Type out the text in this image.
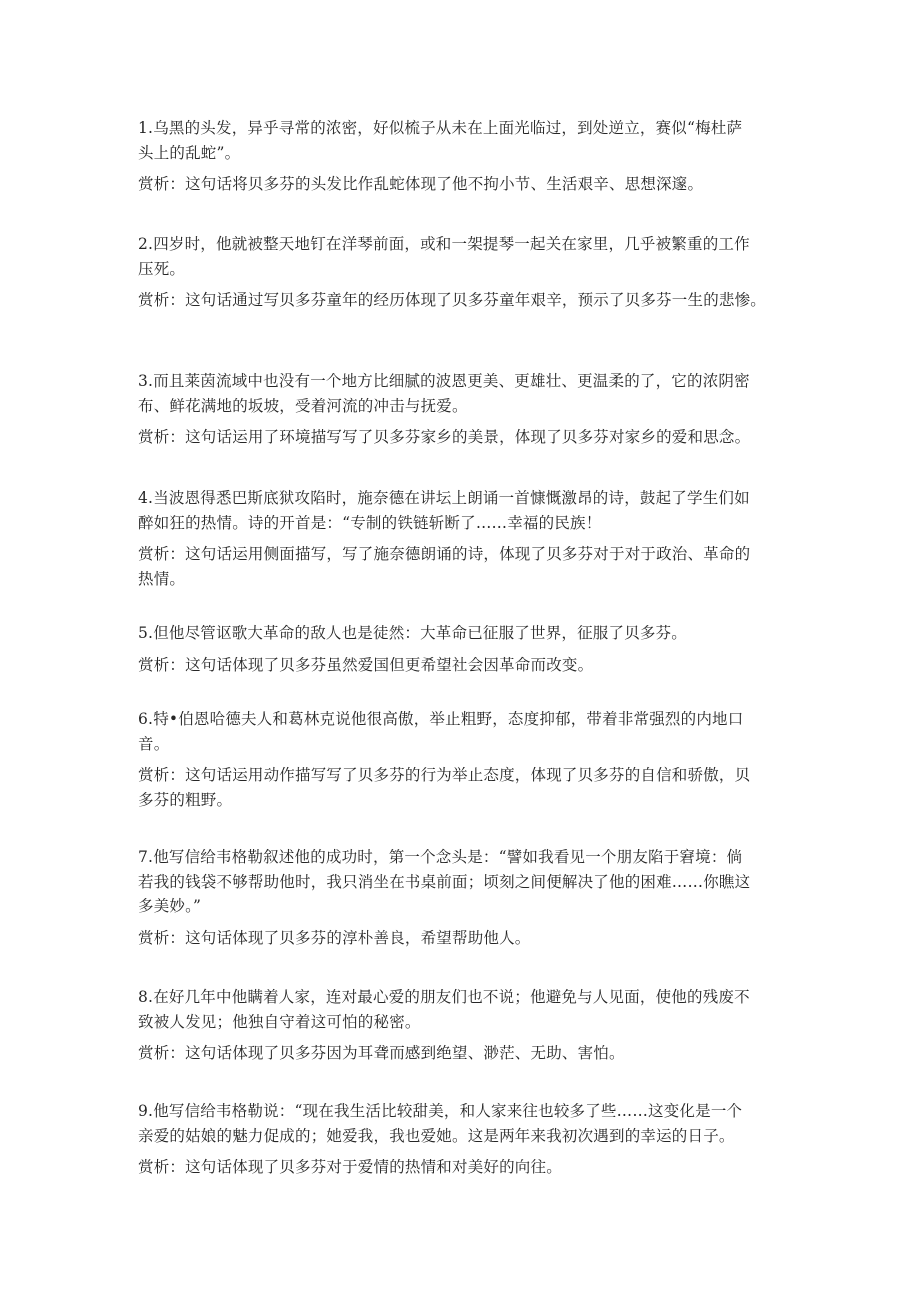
1.乌黑的头发，异乎寻常的浓密，好似梳子从未在上面光临过，到处逆立，赛似“梅杜萨
头上的乱蛇”。
赏析：这句话将贝多芬的头发比作乱蛇体现了他不拘小节、生活艰辛、思想深邃。
2.四岁时，他就被整天地钉在洋琴前面，或和一架提琴一起关在家里，几乎被繁重的工作
压死。
赏析：这句话通过写贝多芬童年的经历体现了贝多芬童年艰辛，预示了贝多芬一生的悲惨。
3.而且莱茵流域中也没有一个地方比细腻的波恩更美、更雄壮、更温柔的了，它的浓阴密
布、鲜花满地的坂坡，受着河流的冲击与抚爱。
赏析：这句话运用了环境描写写了贝多芬家乡的美景，体现了贝多芬对家乡的爱和思念。
4.当波恩得悉巴斯底狱攻陷时，施奈德在讲坛上朗诵一首慷慨激昂的诗，鼓起了学生们如
醉如狂的热情。诗的开首是：“专制的铁链斩断了……幸福的民族！
赏析：这句话运用侧面描写，写了施奈德朗诵的诗，体现了贝多芬对于对于政治、革命的
热情。
5.但他尽管讴歌大革命的敌人也是徒然：大革命已征服了世界，征服了贝多芬。
赏析：这句话体现了贝多芬虽然爱国但更希望社会因革命而改变。
6.特•伯恩哈德夫人和葛林克说他很高傲，举止粗野，态度抑郁，带着非常强烈的内地口
音。
赏析：这句话运用动作描写写了贝多芬的行为举止态度，体现了贝多芬的自信和骄傲，贝
多芬的粗野。
7.他写信给韦格勒叙述他的成功时，第一个念头是：“譬如我看见一个朋友陷于窘境：倘
若我的钱袋不够帮助他时，我只消坐在书桌前面；顷刻之间便解决了他的困难……你瞧这
多美妙。”
赏析：这句话体现了贝多芬的淳朴善良，希望帮助他人。
8.在好几年中他瞒着人家，连对最心爱的朋友们也不说；他避免与人见面，使他的残废不
致被人发见；他独自守着这可怕的秘密。
赏析：这句话体现了贝多芬因为耳聋而感到绝望、渺茫、无助、害怕。
9.他写信给韦格勒说：“现在我生活比较甜美，和人家来往也较多了些……这变化是一个
亲爱的姑娘的魅力促成的；她爱我，我也爱她。这是两年来我初次遇到的幸运的日子。
赏析：这句话体现了贝多芬对于爱情的热情和对美好的向往。
